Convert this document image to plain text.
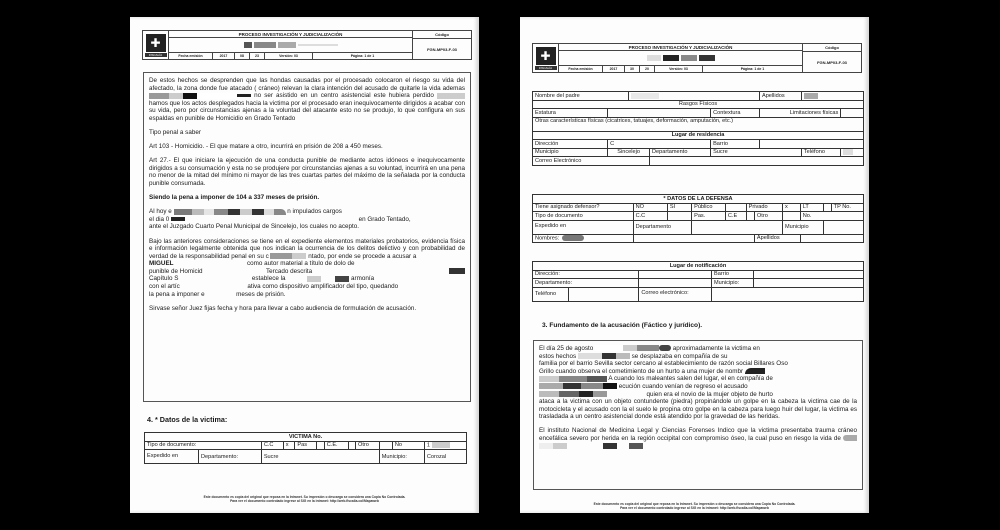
✚
FISCALÍA
PROCESO INVESTIGACIÓN Y JUDICIALIZACIÓN
Fecha emisión	2017	08	23	Versión: 03	Página: 1 de 1
Código
FGN-MP03-F-03
De estos hechos se desprenden que las hondas causadas por el procesado colocaron el riesgo su vida del afectado, la zona donde fue atacado ( cráneo) relevan la clara intención del acusado de quitarle la vida ademas  no ser asistido en un centro asistencial este hubiera perdido  hamos que los actos desplegados hacia la victima por el procesado eran inequivocamente dirigidos a acabar con su vida, pero por circunstancias ajenas a la voluntad del atacante esto no se produjo, lo que configura en sus espaldas en punible de Homicidio en Grado Tentado
Tipo penal a saber
Art 103 - Homicidio. - El que matare a otro, incurrirá en prisión de 208 a 450 meses.
Art 27.- El que iniciare la ejecución de una conducta punible de mediante actos idóneos e inequivocamente dirigidos a su consumación y esta no se produjere por circunstancias ajenas a su voluntad, incurrirá en una pena no menor de la mitad del mínimo ni mayor de las tres cuartas partes del máximo de la señalada por la conducta punible consumada.
Siendo la pena a imponer de 104 a 337 meses de prisión.
Al hoy e	n impulados cargos
el dia 0	en Grado Tentado,
ante el Juzgado Cuarto Penal Municipal de Sincelejo, los cuales no acepto.
Bajo las anteriores consideraciones se tiene en el expediente elementos materiales probatorios, evidencia física e información legalmente obtenida que nos indican la ocurrencia de los delitos delictivo y con probabilidad de verdad de la responsabilidad penal en su c	ntado, por ende se procede a acusar a
MIGUEL	como autor material a título de dolo de
punible de Homicid	Tercado descrita

Capítulo S	establece la	armonía
con el artíc	ativa como dispositivo amplificador del tipo, quedando
la pena a imponer e	meses de prisión.
Sirvase señor Juez fijas fecha y hora para llevar a cabo audiencia de formulación de acusación.
4. * Datos de la victima:
VICTIMA No.											
Tipo de documento:		C.C	x	Pas		C.E.		Otro		No	1
Expedido en	Departamento:	Sucre							Municipio:		Corozal
Este documento es copia del original que reposa en la Intranet. Su impresión o descarga se considera una Copia No Controlada.
Para ver el documento controlado ingrese al SIG en la intranet: http://web.fiscalia.col/Mapaweb
✚
FISCALÍA
PROCESO INVESTIGACIÓN Y JUDICIALIZACIÓN
Fecha emisión	2017	30	20	Versión: 03	Página: 1 de 1
Código
FGN-MP03-F-03
Nombre del padre					Apellidos		
Rasgos Físicos							
Estatura				Contextura	Limitaciones físicas		
Otras características físicas (cicatrices, tatuajes, deformación, amputación, etc.)							
Lugar de residencia							
Dirección	C			Barrio			
Municipio	Sincelejo		Departamento	Sucre		Teléfono	
Correo Electrónico							
* DATOS DE LA DEFENSA										
Tiene asignado defensor?	NO	SI	Público		Privado		x	LT		TP No.
Tipo de documento	C.C		Pas.	C.E		Otro		No.		
Expedido en	Departamento						Municipio			
Nombres:						Apellidos				
Lugar de notificación				
Dirección:			Barrio	
Departamento:			Municipio:	
Teléfono		Correo electrónico:		
3. Fundamento de la acusación (Fáctico y jurídico).
El día 25 de agosto	aproximadamente la victima en
estos hechos	se desplazaba en compañía de su
familia por el barrio Sevilla sector cercano al establecimiento de razón social Billares Oso
Grillo cuando observa el cometimiento de un hurto a una mujer de nombr
A cuando los maleantes salen del lugar, el en compañía de
ecución cuando venían de regreso el acusado
quien era el novio de la mujer objeto de hurto
ataca a la victima con un objeto contundente (piedra) propinándole un golpe en la cabeza la victima cae de la motocicleta y el acusado con la el suelo le propina otro golpe en la cabeza para luego huir del lugar, la victima es trasladada a un centro asistencial donde está atendido por la gravedad de las heridas.
El instituto Nacional de Medicina Legal y Ciencias Forenses Indico que la victima presentaba trauma cráneo encefálica severo por herida en la región occipital con compromiso óseo, la cual puso en riesgo la vida de
Este documento es copia del original que reposa en la Intranet. Su impresión o descarga se considera una Copia No Controlada.
Para ver el documento controlado ingrese al SIG en la intranet: http://web.fiscalia.col/Mapaweb
